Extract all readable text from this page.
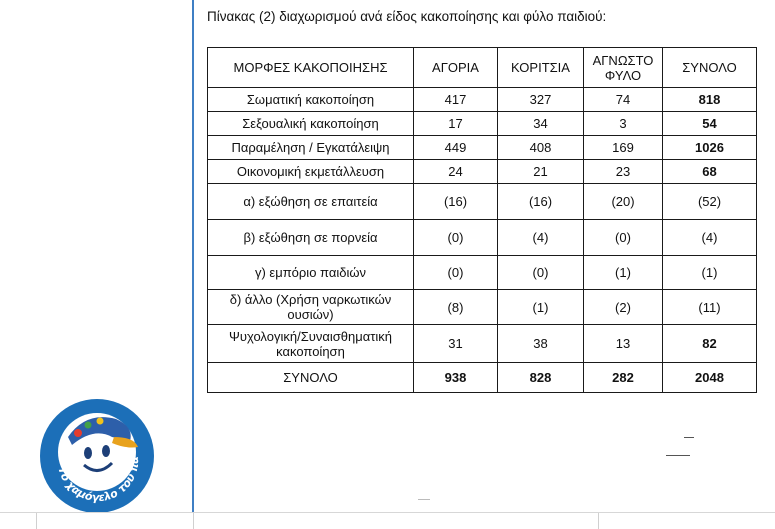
Πίνακας (2) διαχωρισμού ανά είδος κακοποίησης και φύλο παιδιού:
ΜΟΡΦΕΣ ΚΑΚΟΠΟΙΗΣΗΣ	ΑΓΟΡΙΑ	ΚΟΡΙΤΣΙΑ	ΑΓΝΩΣΤΟ ΦΥΛΟ	ΣΥΝΟΛΟ
Σωματική κακοποίηση	417	327	74	818
Σεξουαλική κακοποίηση	17	34	3	54
Παραμέληση / Εγκατάλειψη	449	408	169	1026
Οικονομική εκμετάλλευση	24	21	23	68
α) εξώθηση σε επαιτεία	(16)	(16)	(20)	(52)
β) εξώθηση σε πορνεία	(0)	(4)	(0)	(4)
γ) εμπόριο παιδιών	(0)	(0)	(1)	(1)
δ) άλλο (Χρήση ναρκωτικών ουσιών)	(8)	(1)	(2)	(11)
Ψυχολογική/Συναισθηματική κακοποίηση	31	38	13	82
ΣΥΝΟΛΟ	938	828	282	2048
Το χαμόγελο του πα
